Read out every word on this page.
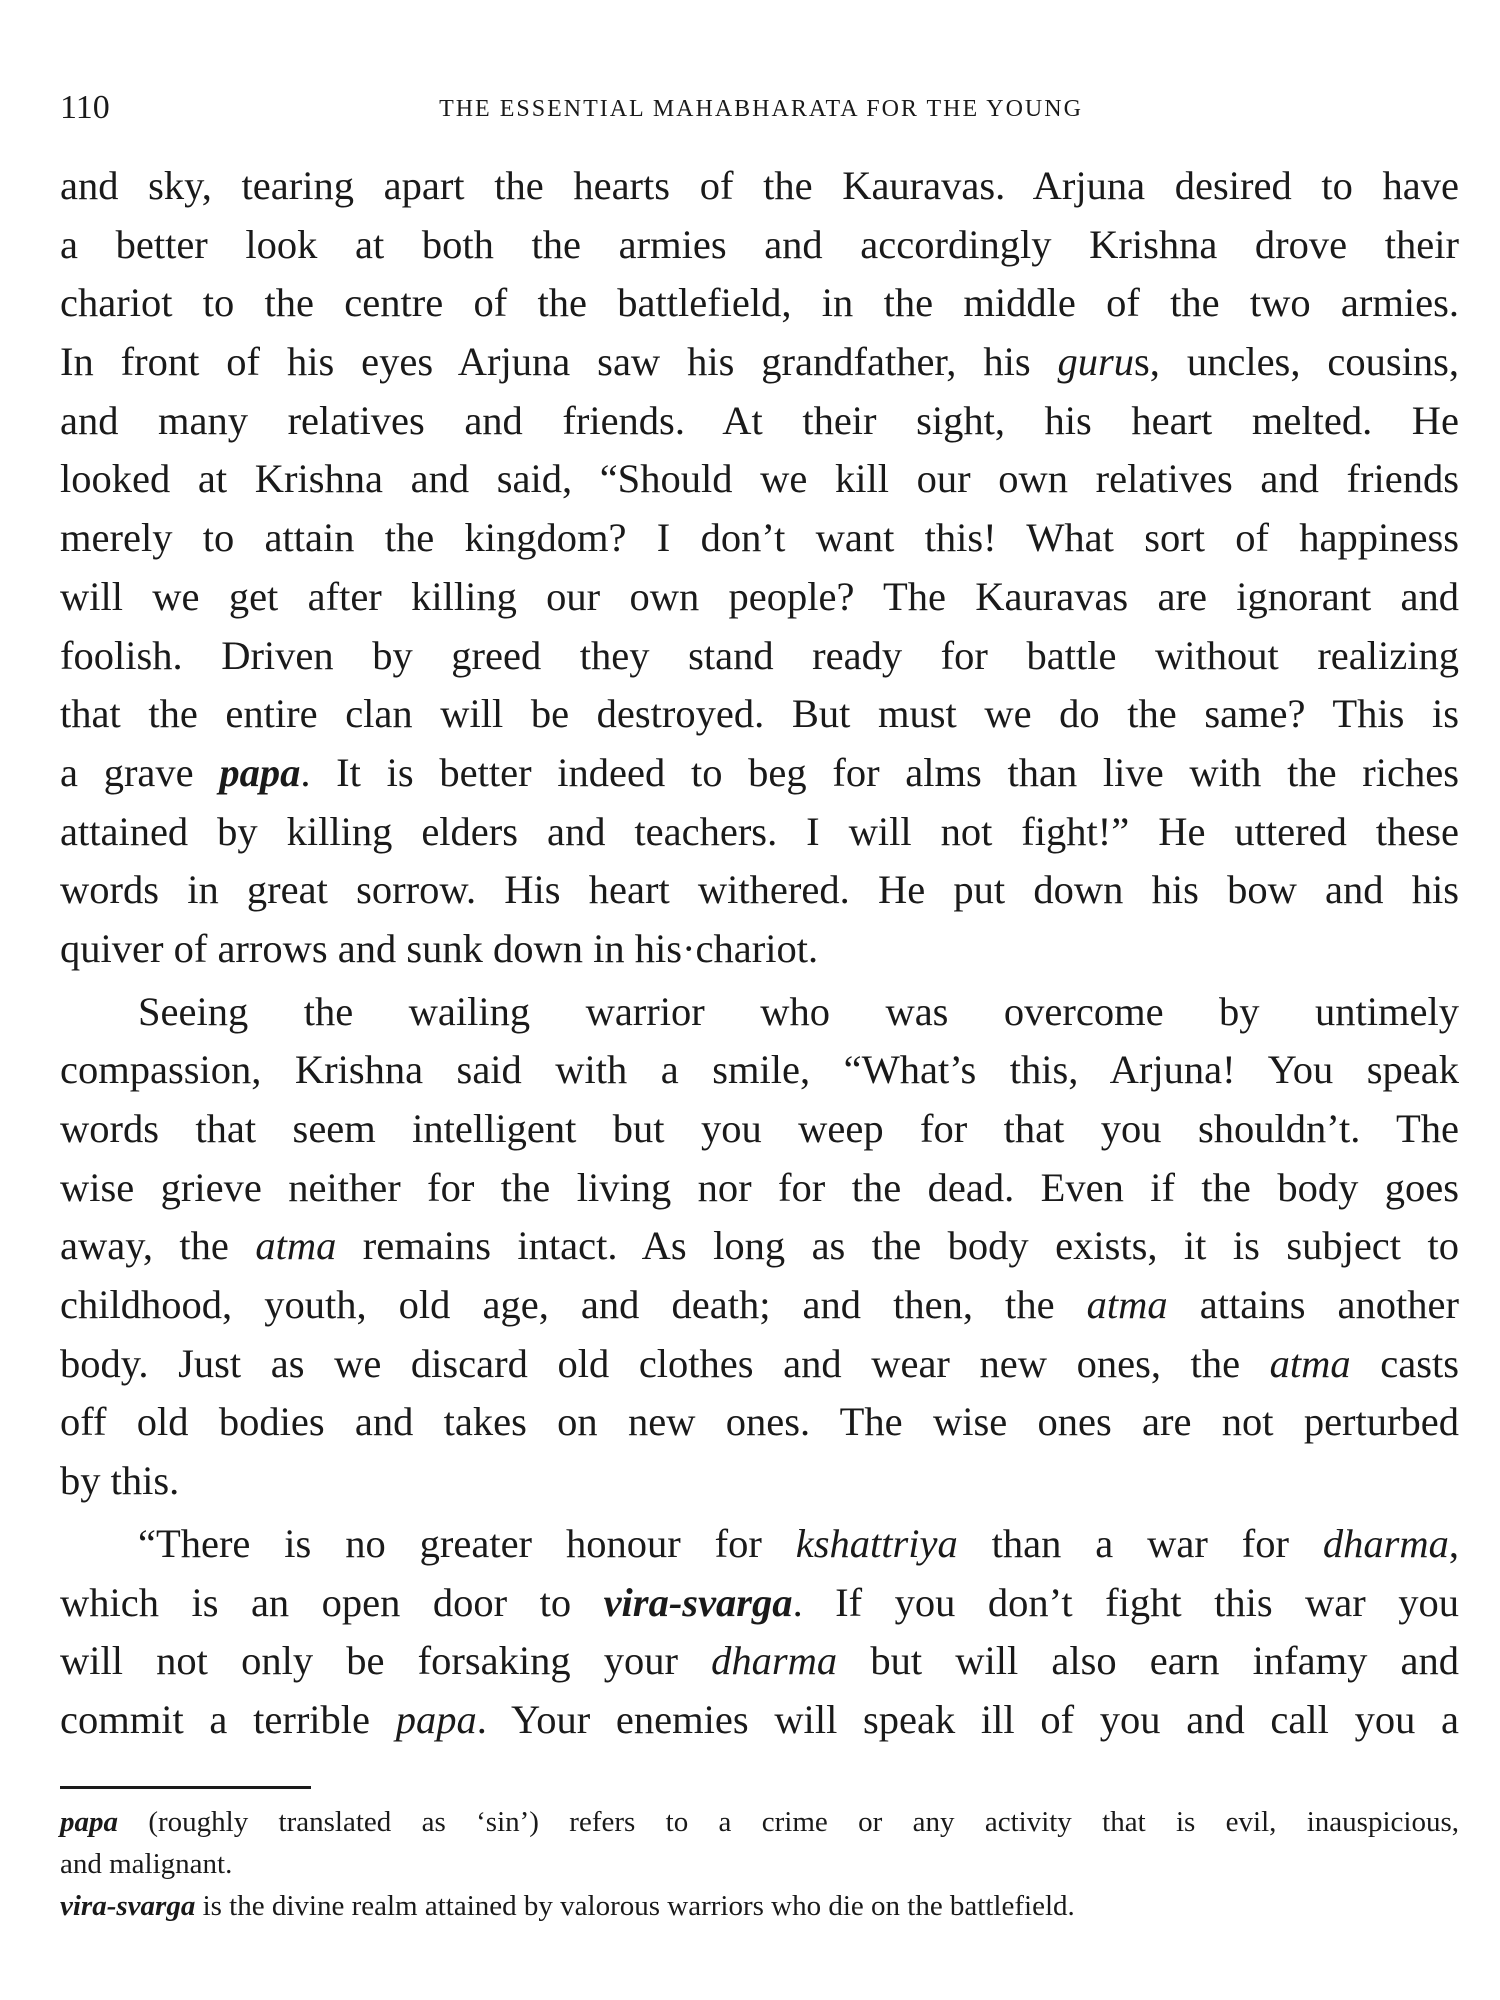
110	THE ESSENTIAL MAHABHARATA FOR THE YOUNG
and sky, tearing apart the hearts of the Kauravas. Arjuna desired to have
a better look at both the armies and accordingly Krishna drove their
chariot to the centre of the battlefield, in the middle of the two armies.
In front of his eyes Arjuna saw his grandfather, his gurus, uncles, cousins,
and many relatives and friends. At their sight, his heart melted. He
looked at Krishna and said, “Should we kill our own relatives and friends
merely to attain the kingdom? I don’t want this! What sort of happiness
will we get after killing our own people? The Kauravas are ignorant and
foolish. Driven by greed they stand ready for battle without realizing
that the entire clan will be destroyed. But must we do the same? This is
a grave papa. It is better indeed to beg for alms than live with the riches
attained by killing elders and teachers. I will not fight!” He uttered these
words in great sorrow. His heart withered. He put down his bow and his
quiver of arrows and sunk down in his·chariot.
Seeing the wailing warrior who was overcome by untimely
compassion, Krishna said with a smile, “What’s this, Arjuna! You speak
words that seem intelligent but you weep for that you shouldn’t. The
wise grieve neither for the living nor for the dead. Even if the body goes
away, the atma remains intact. As long as the body exists, it is subject to
childhood, youth, old age, and death; and then, the atma attains another
body. Just as we discard old clothes and wear new ones, the atma casts
off old bodies and takes on new ones. The wise ones are not perturbed
by this.
“There is no greater honour for kshattriya than a war for dharma,
which is an open door to vira-svarga. If you don’t fight this war you
will not only be forsaking your dharma but will also earn infamy and
commit a terrible papa. Your enemies will speak ill of you and call you a
papa (roughly translated as ‘sin’) refers to a crime or any activity that is evil, inauspicious,
and malignant.
vira-svarga is the divine realm attained by valorous warriors who die on the battlefield.
